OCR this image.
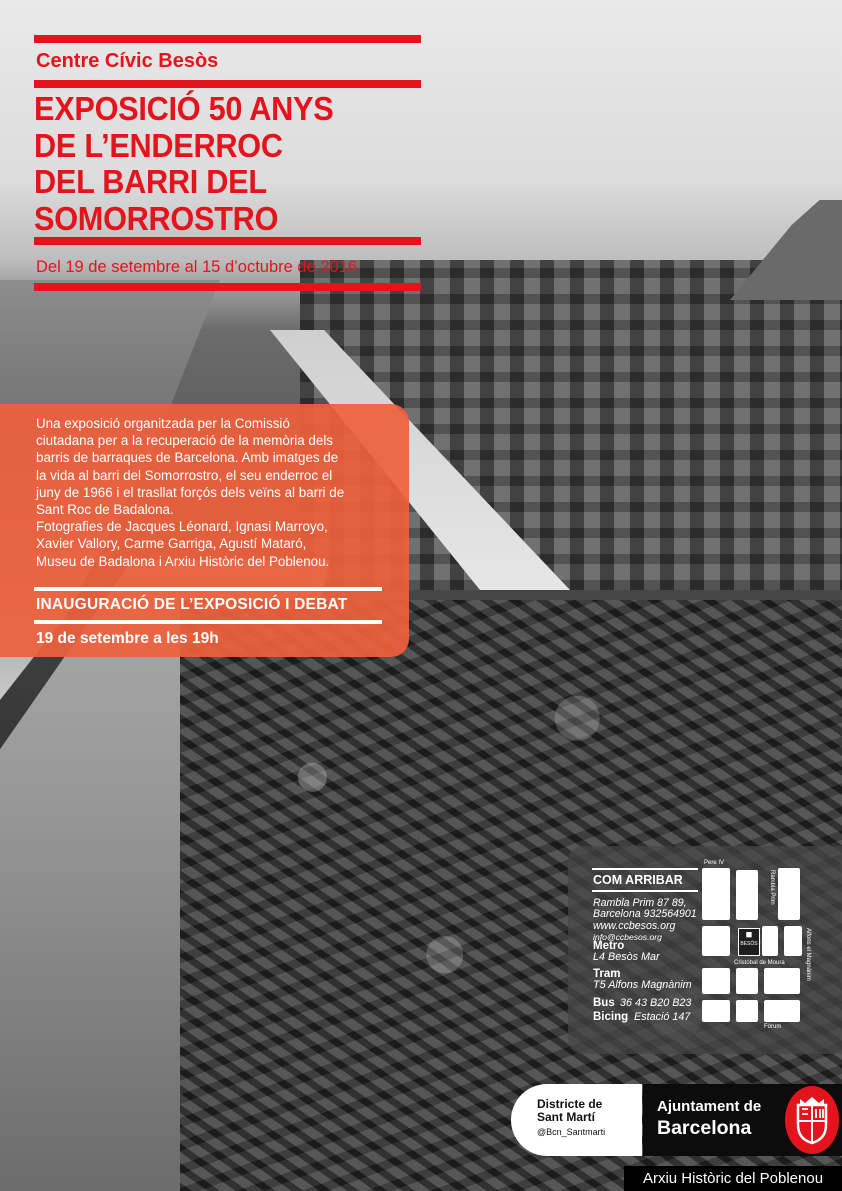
Centre Cívic Besòs
EXPOSICIÓ 50 ANYS
DE L’ENDERROC
DEL BARRI DEL
SOMORROSTRO
Del 19 de setembre al 15 d’octubre de 2016

Una exposició organitzada per la Comissió
ciutadana per a la recuperació de la memòria dels
barris de barraques de Barcelona. Amb imatges de
la vida al barri del Somorrostro, el seu enderroc el
juny de 1966 i el trasllat forçós dels veïns al barri de
Sant Roc de Badalona.
Fotografies de Jacques Léonard, Ignasi Marroyo,
Xavier Vallory, Carme Garriga, Agustí Mataró,
Museu de Badalona i Arxiu Històric del Poblenou.

INAUGURACIÓ DE L’EXPOSICIÓ I DEBAT
19 de setembre a les 19h
COM ARRIBAR
Rambla Prim 87 89,
Barcelona 932564901
www.ccbesos.org
info@ccbesos.org
Metro
L4 Besòs Mar
Tram
T5 Alfons Magnànim
Bus 36 43 B20 B23
Bicing Estació 147
Pere IV
Rambla Prim
Cristóbal de Moura	Alfons el Magnànim
Fòrum
■
BESÒS
Districte de
Sant Martí
@Bcn_Santmarti
Ajuntament de
Barcelona
Arxiu Històric del Poblenou
